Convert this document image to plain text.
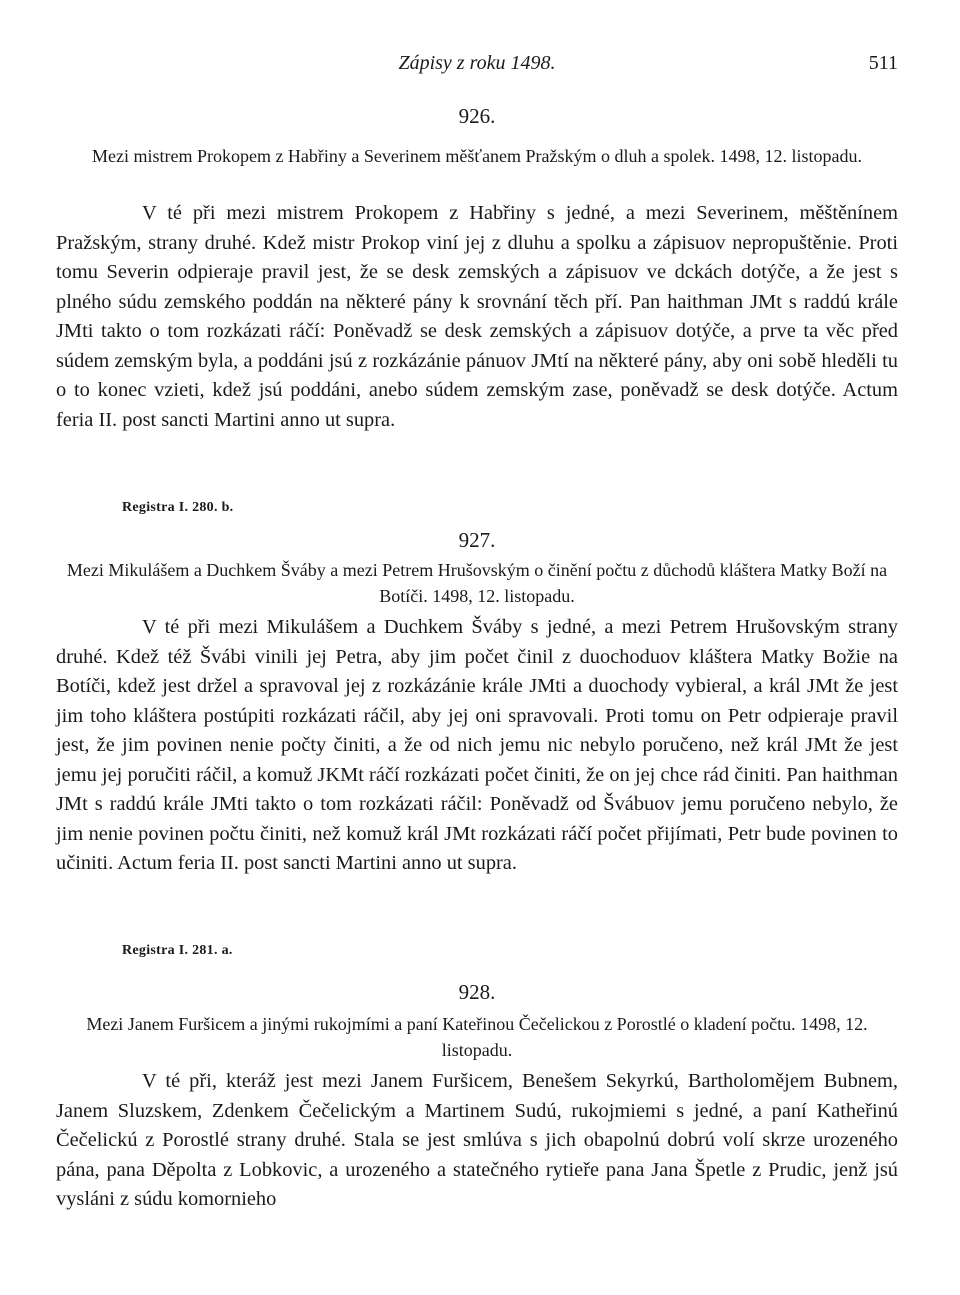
Zápisy z roku 1498.	511
926.

Mezi mistrem Prokopem z Habřiny a Severinem měšťanem Pražským o dluh a spolek. 1498, 12. listopadu.

V té při mezi mistrem Prokopem z Habřiny s jedné, a mezi Severinem, měštěnínem Pražským, strany druhé. Kdež mistr Prokop viní jej z dluhu a spolku a zápisuov nepropuštěnie. Proti tomu Severin odpieraje pravil jest, že se desk zemských a zápisuov ve dckách dotýče, a že jest s plného súdu zemského poddán na některé pány k srovnání těch pří. Pan haithman JMt s raddú krále JMti takto o tom rozkázati ráčí: Poněvadž se desk zemských a zápisuov dotýče, a prve ta věc před súdem zemským byla, a poddáni jsú z rozkázánie pánuov JMtí na některé pány, aby oni sobě hleděli tu o to konec vzieti, kdež jsú poddáni, anebo súdem zemským zase, poněvadž se desk dotýče. Actum feria II. post sancti Martini anno ut supra.

Registra I. 280. b.
927.

Mezi Mikulášem a Duchkem Šváby a mezi Petrem Hrušovským o činění počtu z důchodů kláštera Matky Boží na Botíči. 1498, 12. listopadu.

V té při mezi Mikulášem a Duchkem Šváby s jedné, a mezi Petrem Hrušovským strany druhé. Kdež též Švábi vinili jej Petra, aby jim počet činil z duochoduov kláštera Matky Božie na Botíči, kdež jest držel a spravoval jej z rozkázánie krále JMti a duochody vybieral, a král JMt že jest jim toho kláštera postúpiti rozkázati ráčil, aby jej oni spravovali. Proti tomu on Petr odpieraje pravil jest, že jim povinen nenie počty činiti, a že od nich jemu nic nebylo poručeno, než král JMt že jest jemu jej poručiti ráčil, a komuž JKMt ráčí rozkázati počet činiti, že on jej chce rád činiti. Pan haithman JMt s raddú krále JMti takto o tom rozkázati ráčil: Poněvadž od Švábuov jemu poručeno nebylo, že jim nenie povinen počtu činiti, než komuž král JMt rozkázati ráčí počet přijímati, Petr bude povinen to učiniti. Actum feria II. post sancti Martini anno ut supra.

Registra I. 281. a.
928.

Mezi Janem Furšicem a jinými rukojmími a paní Kateřinou Čečelickou z Porostlé o kladení počtu. 1498, 12. listopadu.

V té při, kteráž jest mezi Janem Furšicem, Benešem Sekyrkú, Bartholomějem Bubnem, Janem Sluzskem, Zdenkem Čečelickým a Martinem Sudú, rukojmiemi s jedné, a paní Katheřinú Čečelickú z Porostlé strany druhé. Stala se jest smlúva s jich obapolnú dobrú volí skrze urozeného pána, pana Děpolta z Lobkovic, a urozeného a statečného rytieře pana Jana Špetle z Prudic, jenž jsú vysláni z súdu komornieho
